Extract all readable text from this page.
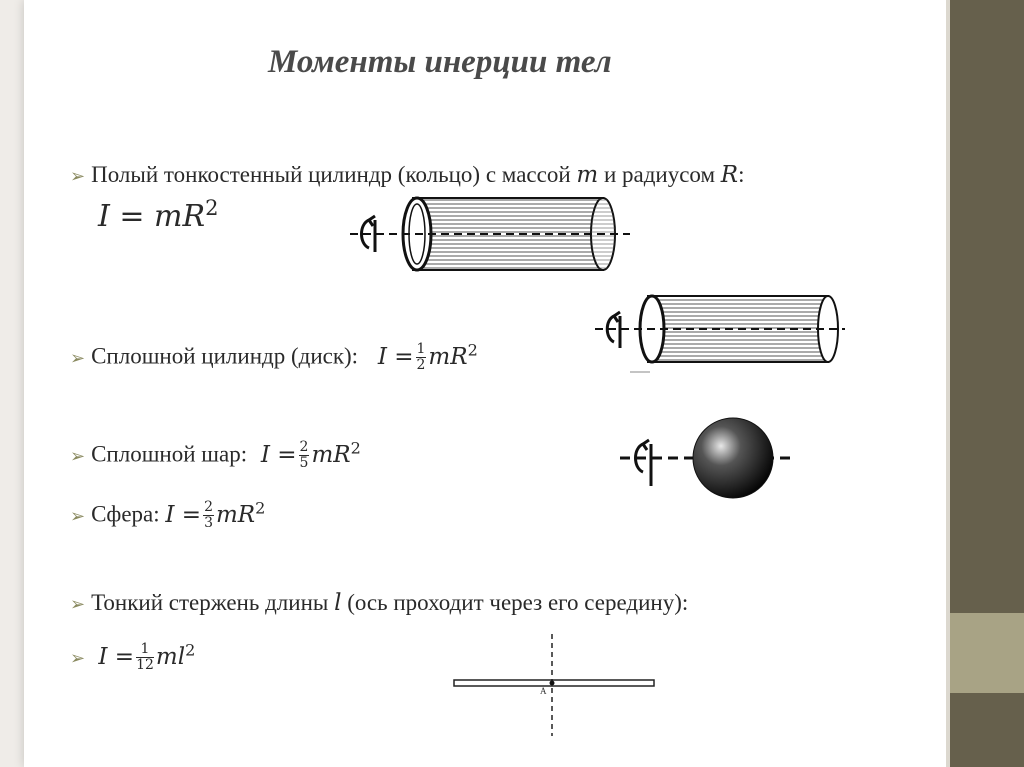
Моменты инерции тел
➢ Полый тонкостенный цилиндр (кольцо) с массой m и радиусом R:
$I = mR^2$
➢ Сплошной цилиндр (диск): $I = \frac{1}{2} mR^2$
➢ Сплошной шар: $I = \frac{2}{5} mR^2$
➢ Сфера: $I = \frac{2}{3} mR^2$
➢ Тонкий стержень длины l (ось проходит через его середину):
➢ $I = \frac{1}{12} ml^2$
A
